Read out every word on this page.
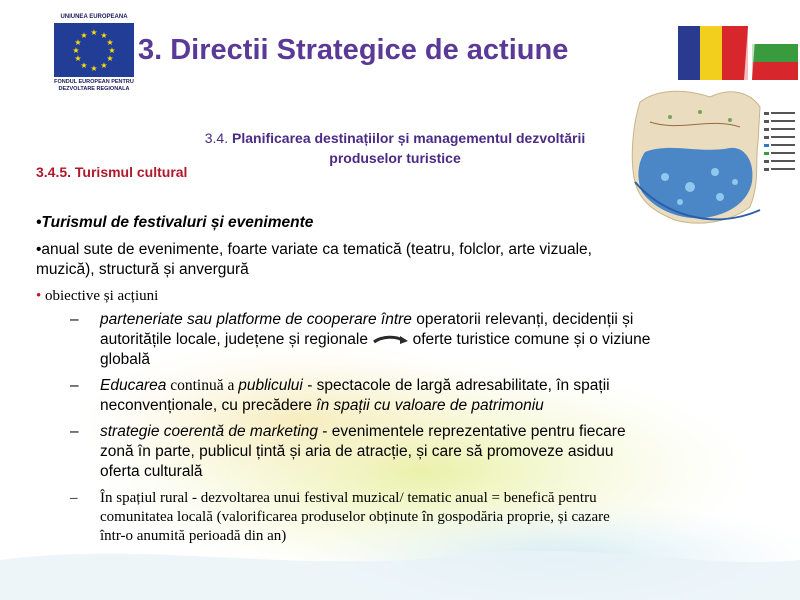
UNIUNEA EUROPEANA
★ ★
★
★
★
★
★
★
★
★
★
★
FONDUL EUROPEAN PENTRU
DEZVOLTARE REGIONALA
3. Directii Strategice de actiune
3.4. Planificarea destinațiilor și managementul dezvoltării
produselor turistice
3.4.5. Turismul cultural
•Turismul de festivaluri și evenimente
•anual sute de evenimente, foarte variate ca tematică (teatru, folclor, arte vizuale,
muzică), structură și anvergură
• obiective și acțiuni
– parteneriate sau platforme de cooperare între operatorii relevanți, decidenții și
autoritățile locale, județene și regionale  oferte turistice comune și o viziune
globală
– Educarea continuă a publicului - spectacole de largă adresabilitate, în spații
neconvenționale, cu precădere în spații cu valoare de patrimoniu
– strategie coerentă de marketing - evenimentele reprezentative pentru fiecare
zonă în parte, publicul țintă și aria de atracție, și care să promoveze asiduu
oferta culturală
– În spațiul rural - dezvoltarea unui festival muzical/ tematic anual = benefică pentru
comunitatea locală (valorificarea produselor obținute în gospodăria proprie, și cazare
într-o anumită perioadă din an)
